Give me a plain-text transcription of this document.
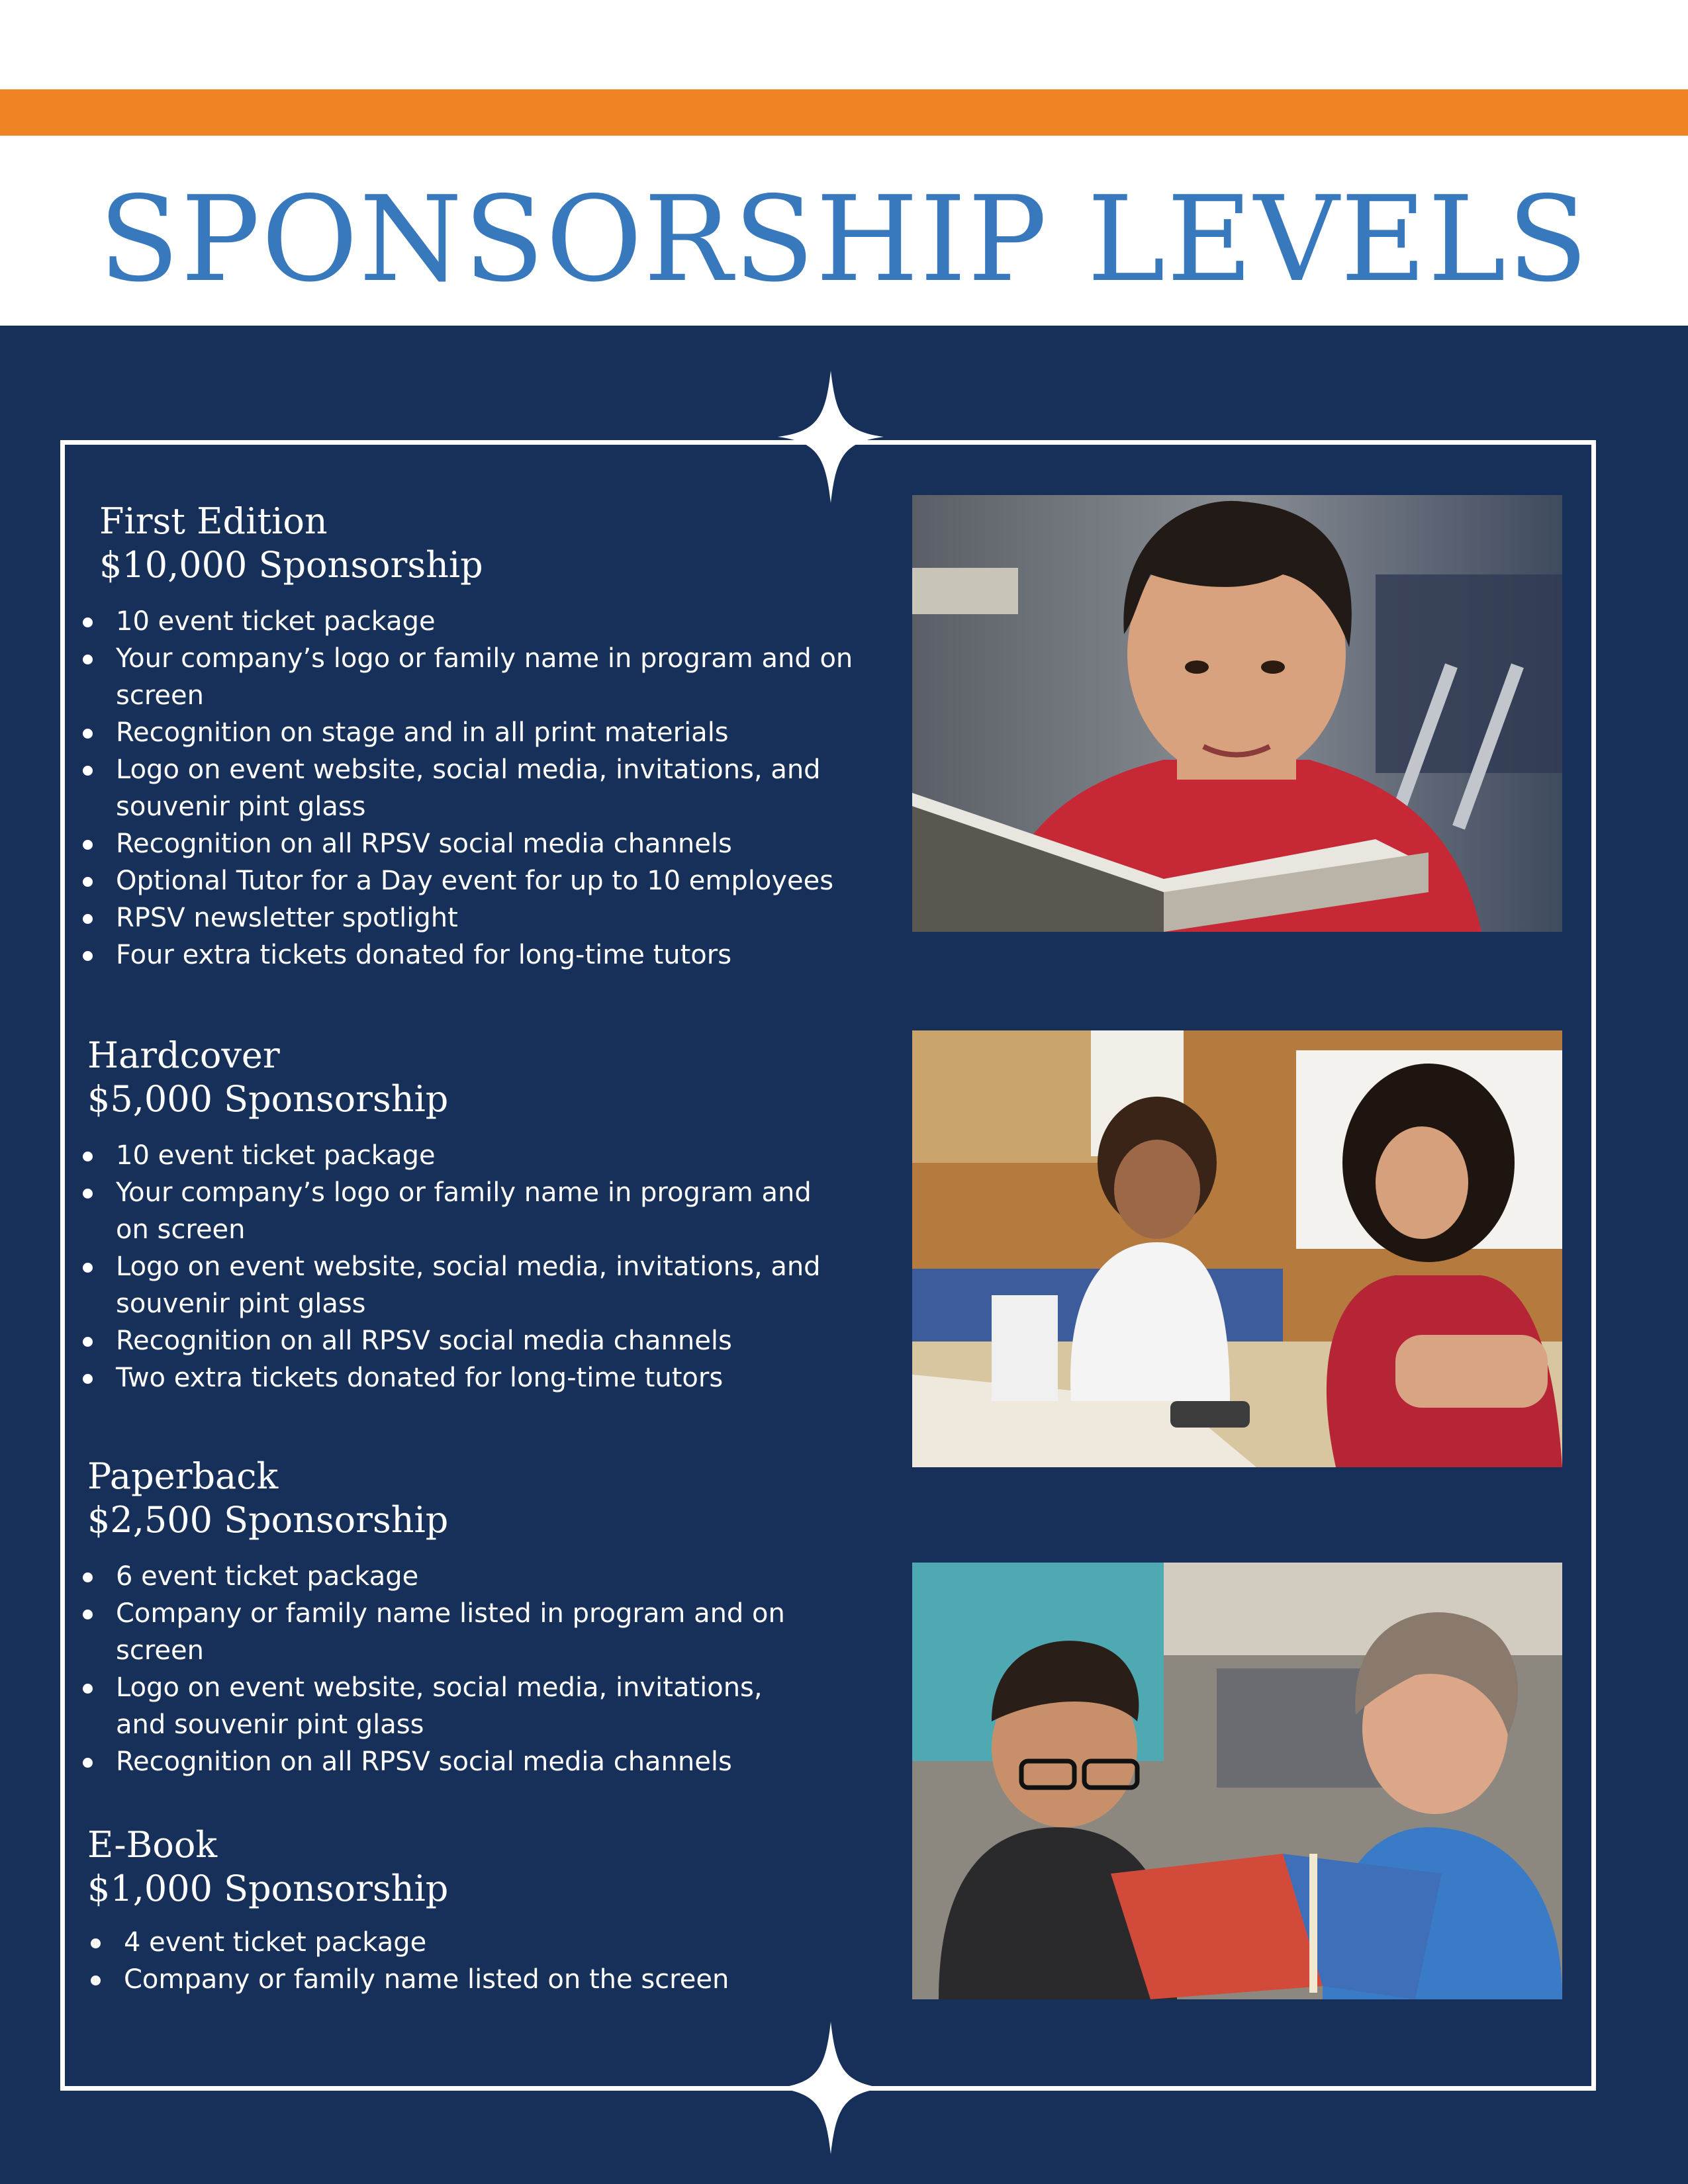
SPONSORSHIP LEVELS
First Edition
$10,000 Sponsorship
10 event ticket package
Your company’s logo or family name in program and on
screen
Recognition on stage and in all print materials
Logo on event website, social media, invitations, and
souvenir pint glass
Recognition on all RPSV social media channels
Optional Tutor for a Day event for up to 10 employees
RPSV newsletter spotlight
Four extra tickets donated for long-time tutors
Hardcover
$5,000 Sponsorship
10 event ticket package
Your company’s logo or family name in program and
on screen
Logo on event website, social media, invitations, and
souvenir pint glass
Recognition on all RPSV social media channels
Two extra tickets donated for long-time tutors
Paperback
$2,500 Sponsorship
6 event ticket package
Company or family name listed in program and on
screen
Logo on event website, social media, invitations,
and souvenir pint glass
Recognition on all RPSV social media channels
E-Book
$1,000 Sponsorship
4 event ticket package
Company or family name listed on the screen
